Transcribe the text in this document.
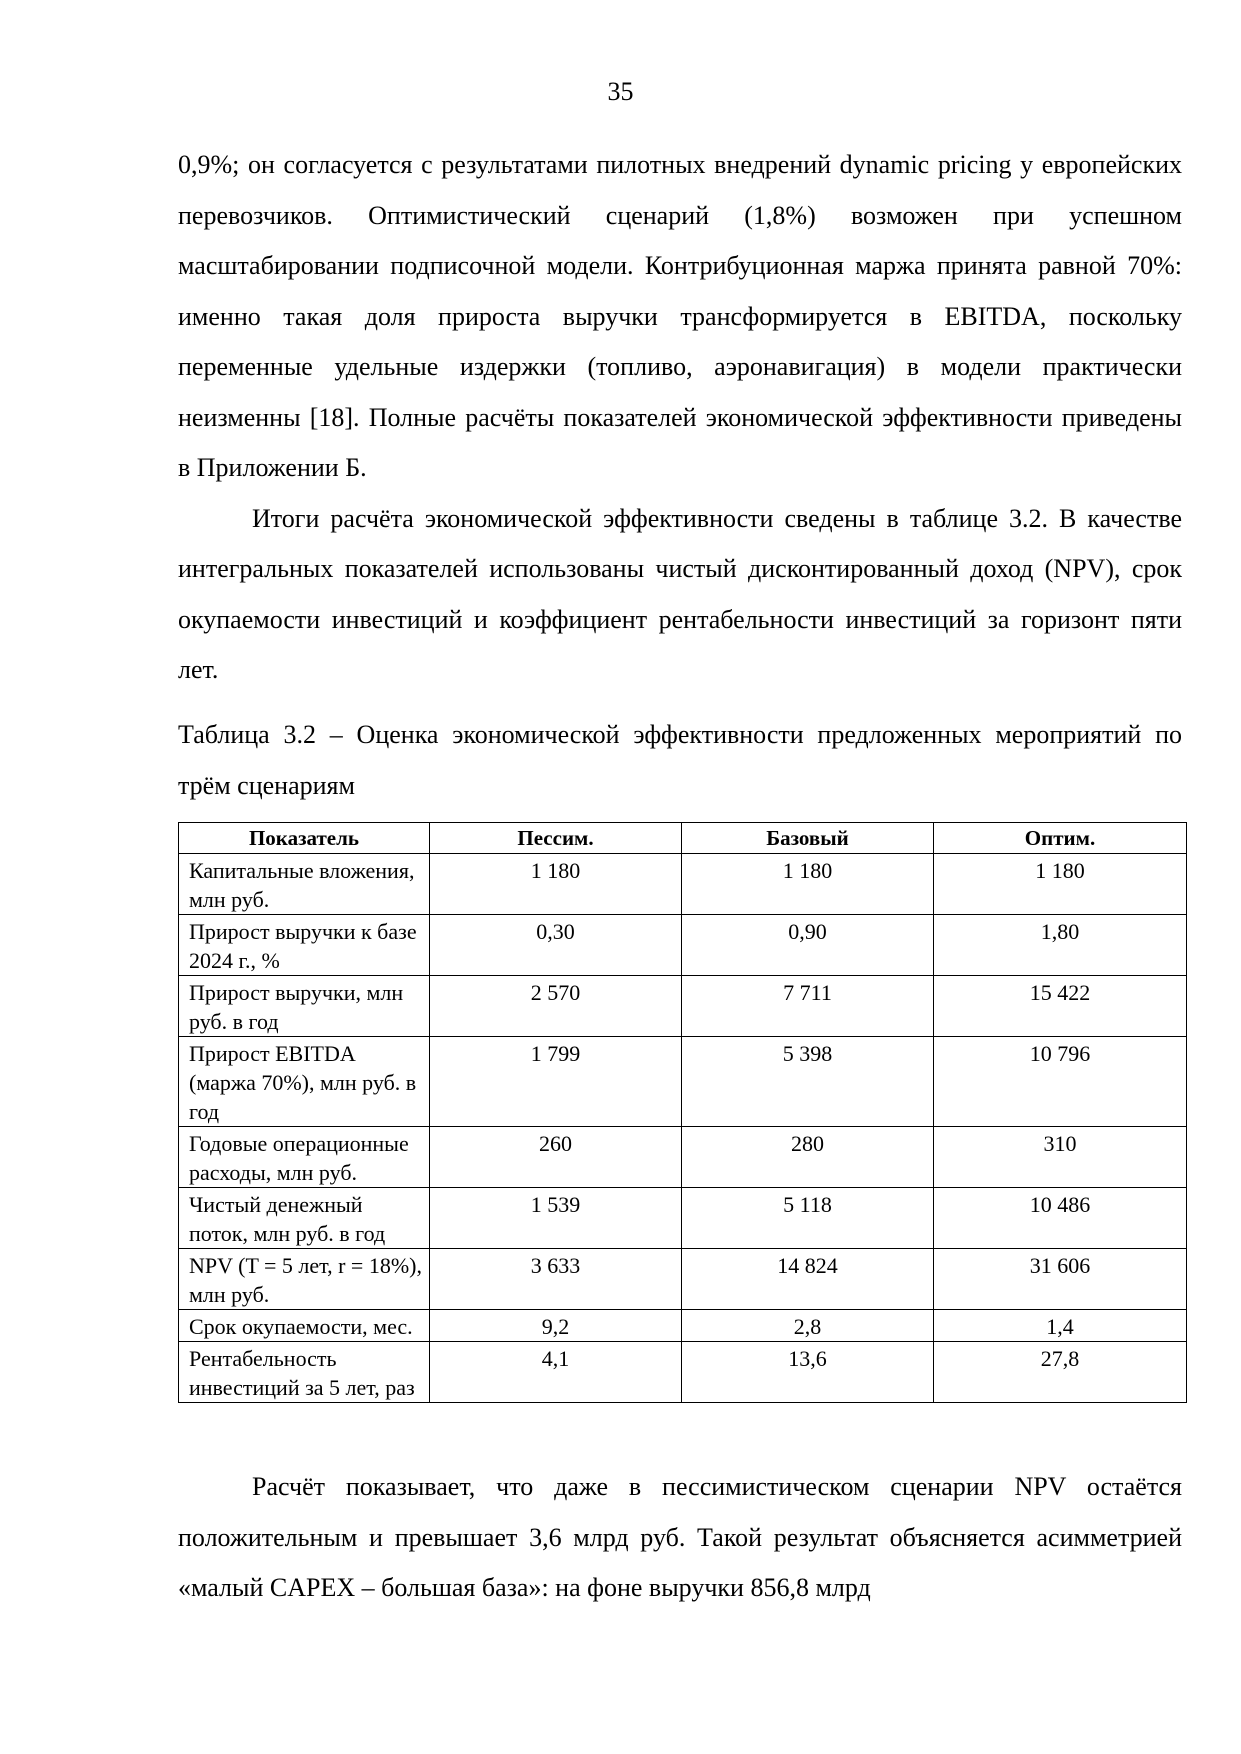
35

0,9%; он согласуется с результатами пилотных внедрений dynamic pricing у европейских перевозчиков. Оптимистический сценарий (1,8%) возможен при успешном масштабировании подписочной модели. Контрибуционная маржа принята равной 70%: именно такая доля прироста выручки трансформируется в EBITDA, поскольку переменные удельные издержки (топливо, аэронавигация) в модели практически неизменны [18]. Полные расчёты показателей экономической эффективности приведены в Приложении Б.

Итоги расчёта экономической эффективности сведены в таблице 3.2. В качестве интегральных показателей использованы чистый дисконтированный доход (NPV), срок окупаемости инвестиций и коэффициент рентабельности инвестиций за горизонт пяти лет.

Таблица 3.2 – Оценка экономической эффективности предложенных мероприятий по трём сценариям

Показатель	Пессим.	Базовый	Оптим.
Капитальные вложения, млн руб.	1 180	1 180	1 180
Прирост выручки к базе 2024 г., %	0,30	0,90	1,80
Прирост выручки, млн руб. в год	2 570	7 711	15 422
Прирост EBITDA (маржа 70%), млн руб. в год	1 799	5 398	10 796
Годовые операционные расходы, млн руб.	260	280	310
Чистый денежный поток, млн руб. в год	1 539	5 118	10 486
NPV (T = 5 лет, r = 18%), млн руб.	3 633	14 824	31 606
Срок окупаемости, мес.	9,2	2,8	1,4
Рентабельность инвестиций за 5 лет, раз	4,1	13,6	27,8

Расчёт показывает, что даже в пессимистическом сценарии NPV остаётся положительным и превышает 3,6 млрд руб. Такой результат объясняется асимметрией «малый CAPEX – большая база»: на фоне выручки 856,8 млрд
